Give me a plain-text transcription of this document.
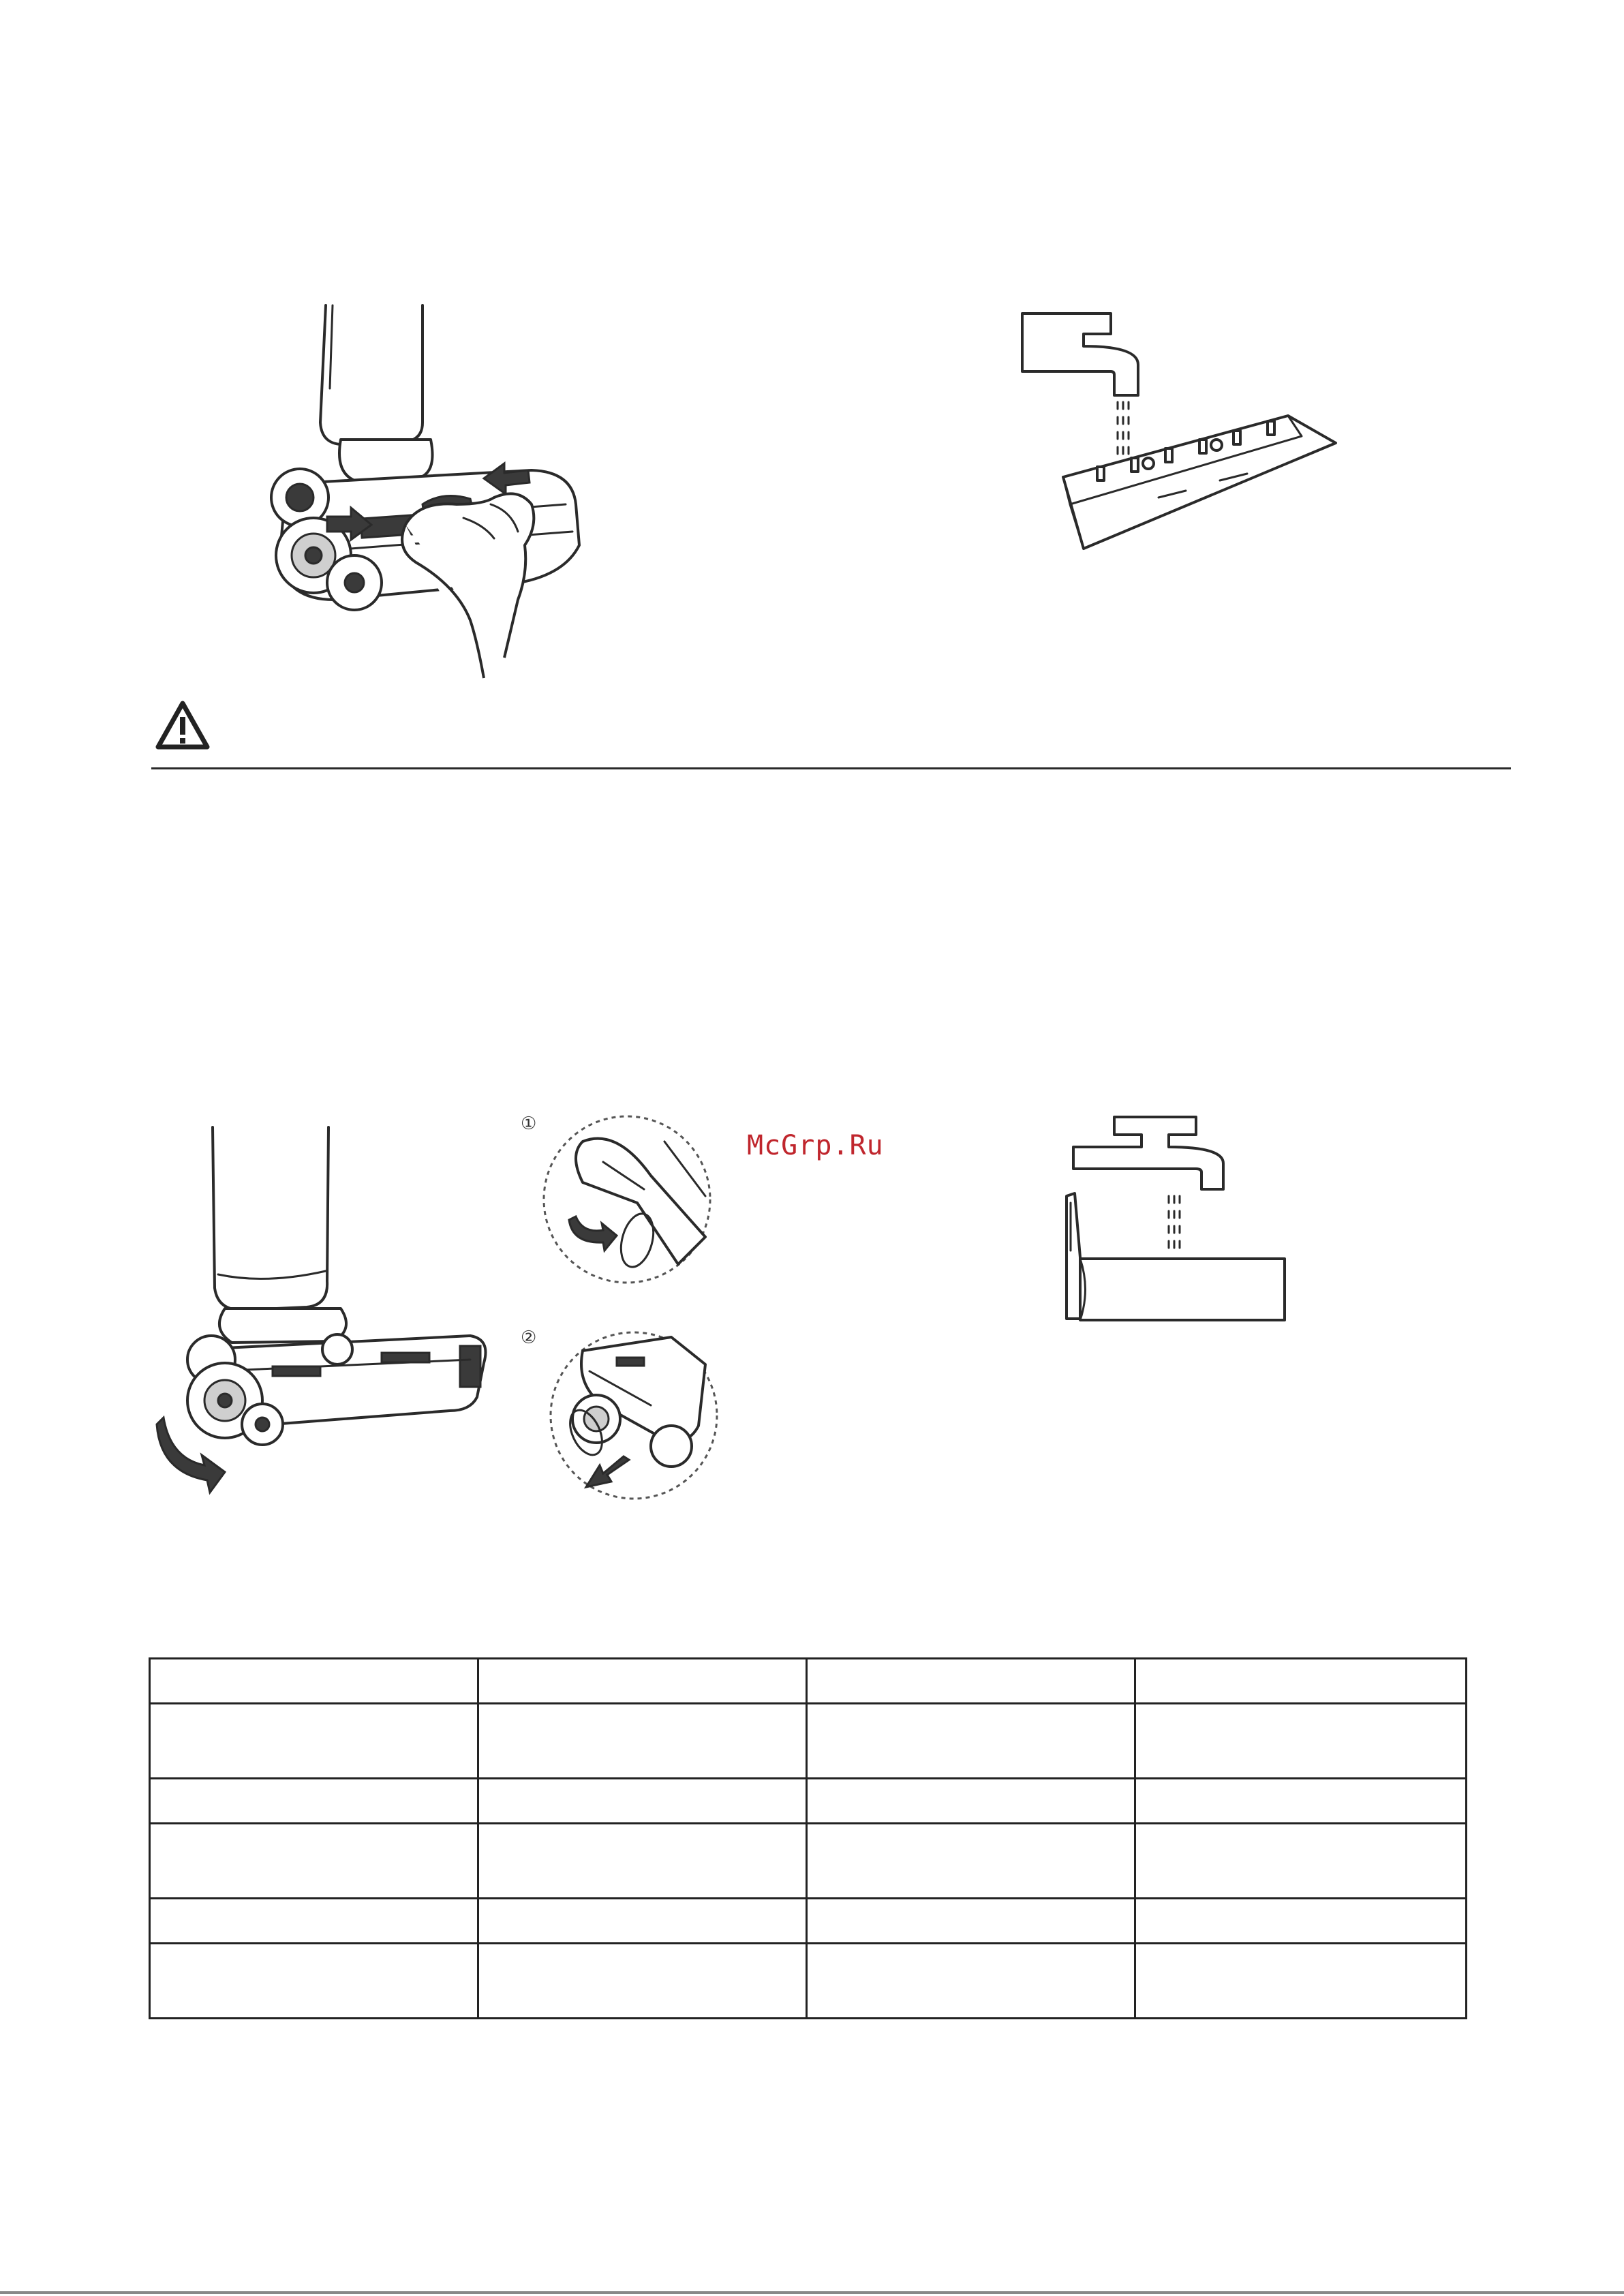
①
②
McGrp.Ru
